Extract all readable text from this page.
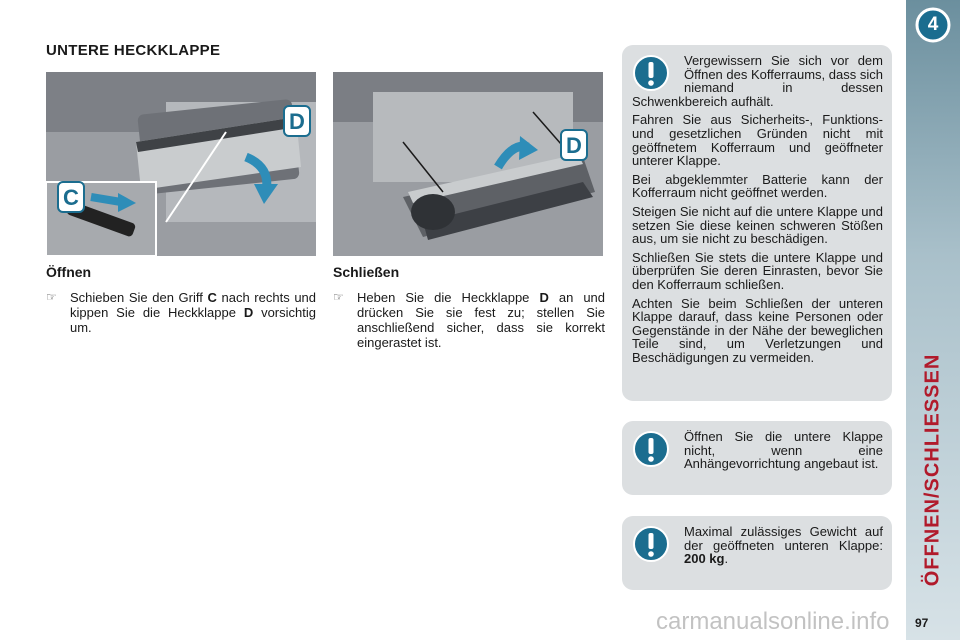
UNTERE HECKKLAPPE
D
C
D
Öffnen	Schließen
☞ Schieben Sie den Griff C nach rechts und kippen Sie die Heckklappe D vorsichtig um.
☞ Heben Sie die Heckklappe D an und drücken Sie sie fest zu; stellen Sie anschließend sicher, dass sie korrekt eingerastet ist.

Vergewissern Sie sich vor dem Öffnen des Kofferraums, dass sich niemand in dessen Schwenkbereich aufhält.

Fahren Sie aus Sicherheits-, Funktions- und gesetzlichen Gründen nicht mit geöffnetem Kofferraum und geöffneter unterer Klappe.

Bei abgeklemmter Batterie kann der Kofferraum nicht geöffnet werden.

Steigen Sie nicht auf die untere Klappe und setzen Sie diese keinen schweren Stößen aus, um sie nicht zu beschädigen.

Schließen Sie stets die untere Klappe und überprüfen Sie deren Einrasten, bevor Sie den Kofferraum schließen.

Achten Sie beim Schließen der unteren Klappe darauf, dass keine Personen oder Gegenstände in der Nähe der beweglichen Teile sind, um Verletzungen und Beschädigungen zu vermeiden.

Öffnen Sie die untere Klappe nicht, wenn eine Anhängevorrichtung angebaut ist.

Maximal zulässiges Gewicht auf der geöffneten unteren Klappe: 200 kg.

4
ÖFFNEN/SCHLIESSEN
97
carmanualsonline.info
